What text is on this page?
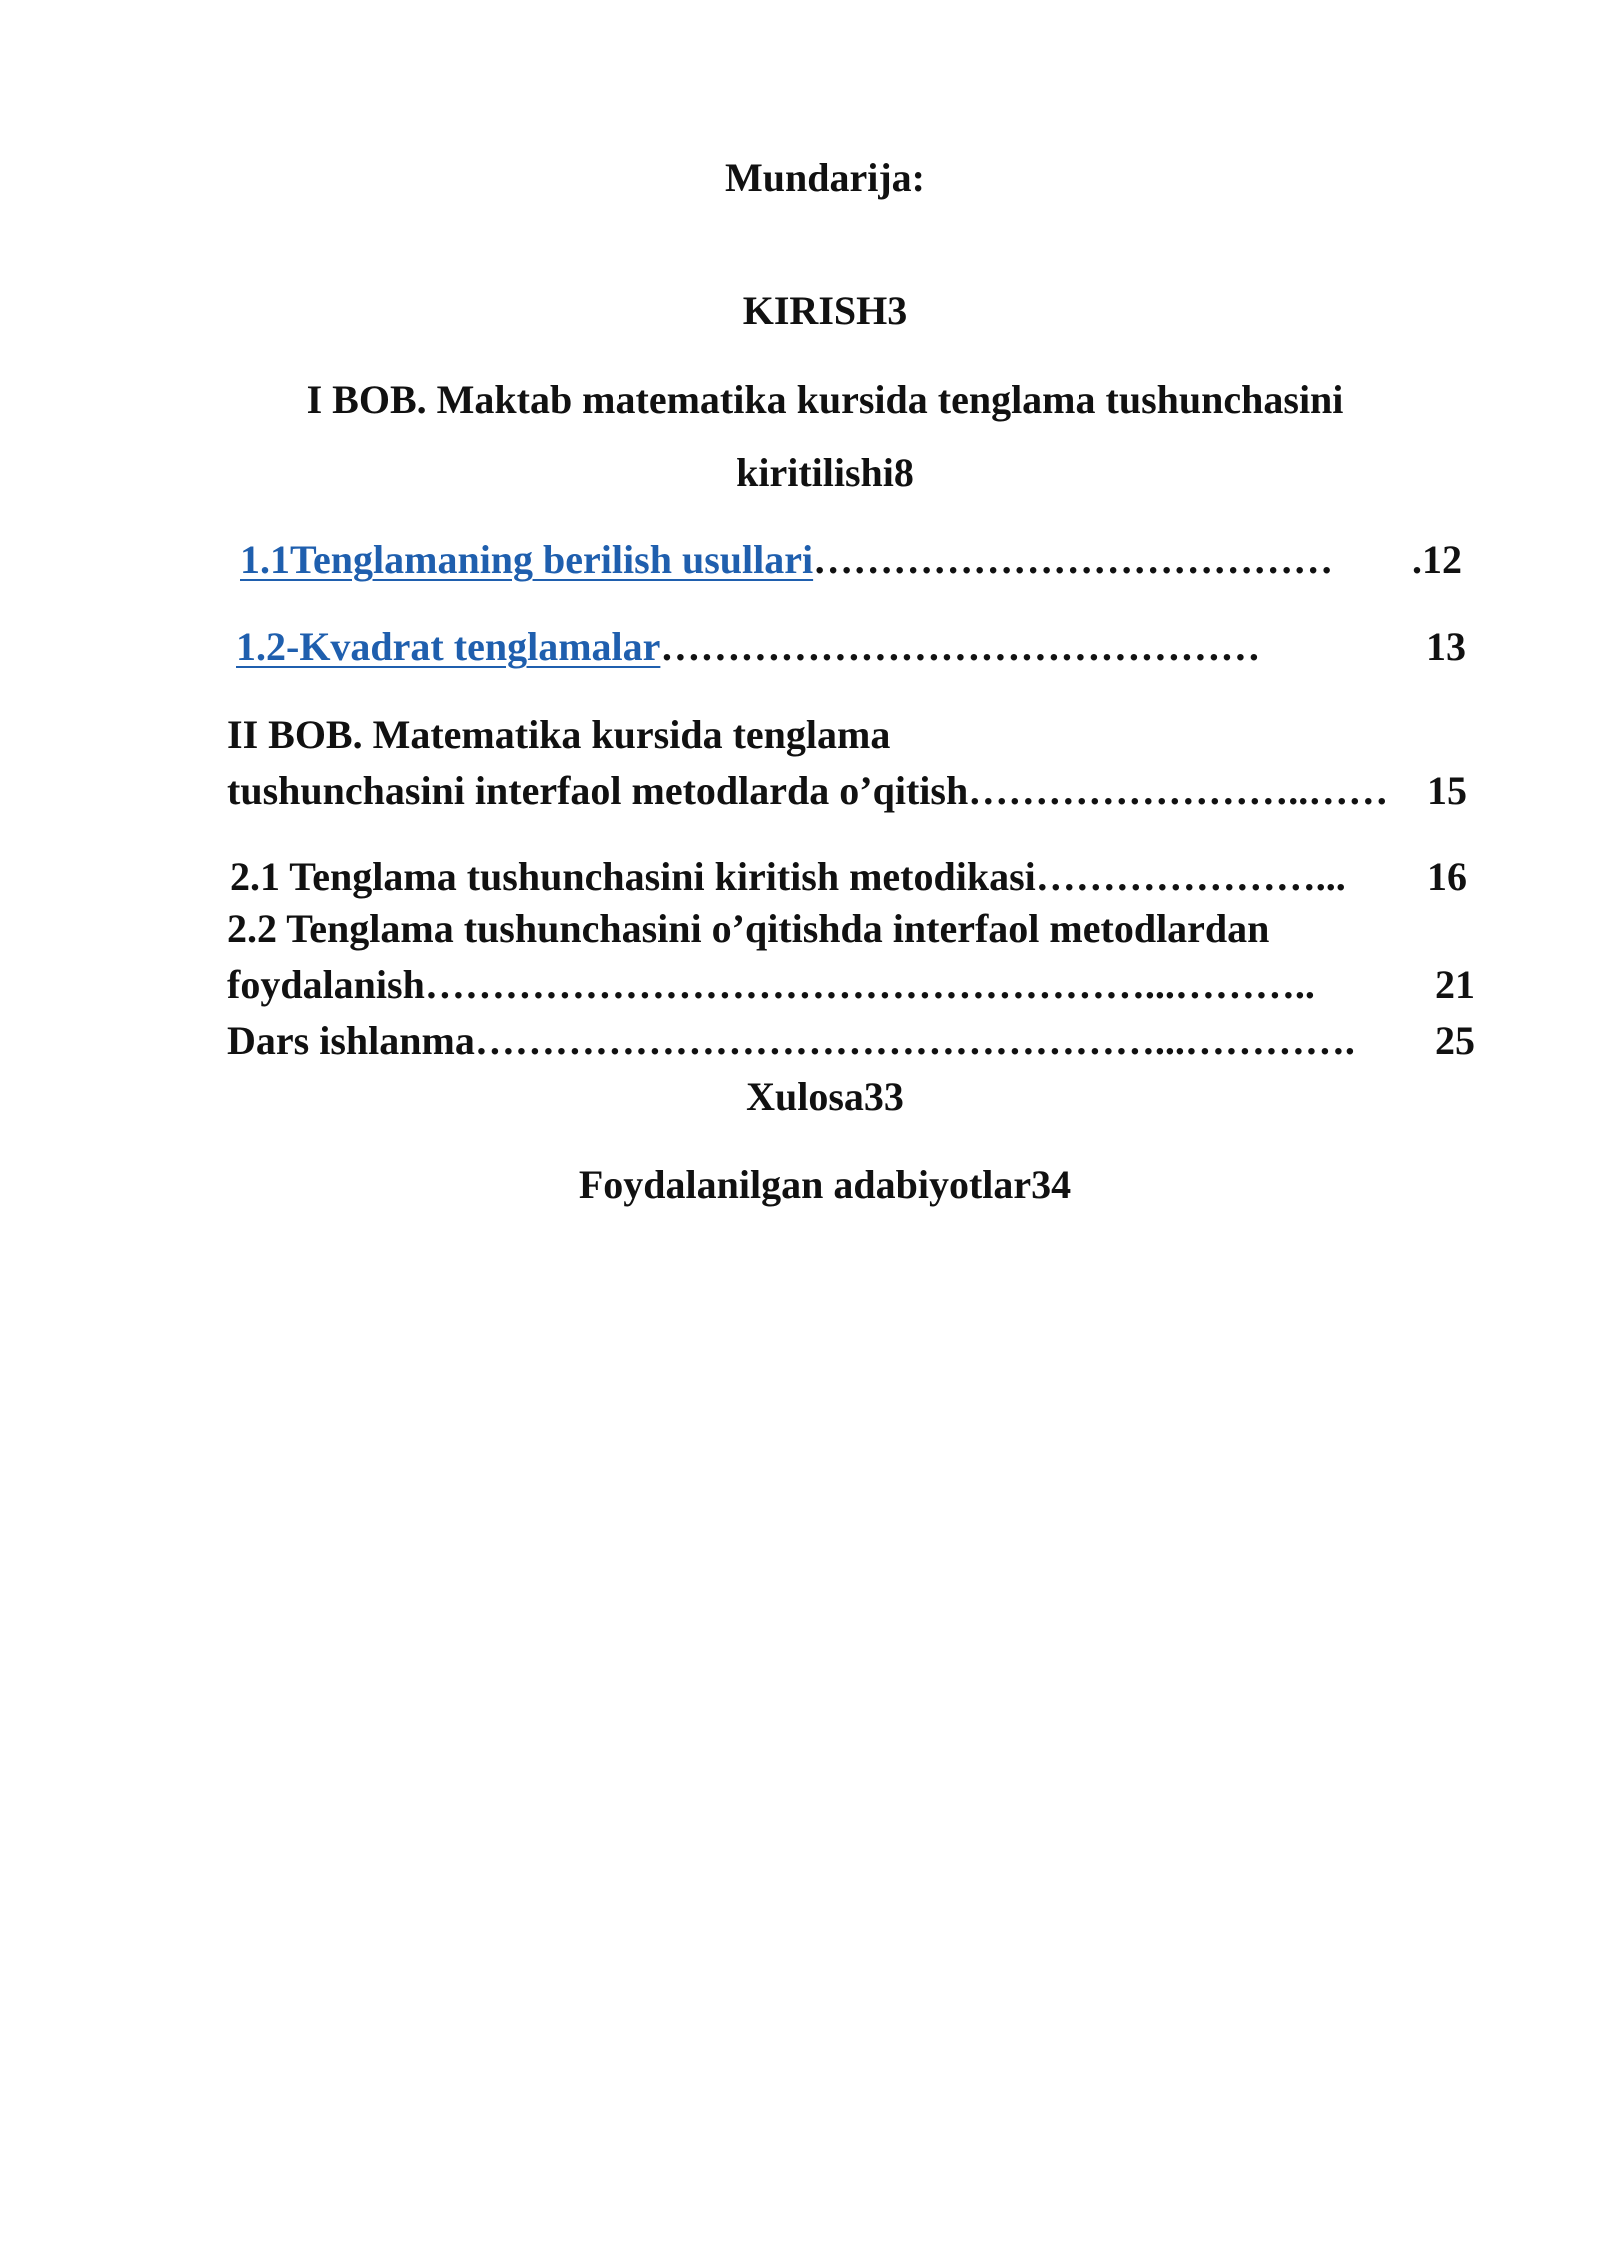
Mundarija:
KIRISH3
I BOB. Maktab matematika kursida tenglama tushunchasini
kiritilishi8
1.1Tenglamaning berilish usullari …………………………………	.12
1.2-Kvadrat tenglamalar ………………………………………	13
II BOB. Matematika kursida tenglama
tushunchasini interfaol metodlarda o’qitish ……………………..…… 15
2.1 Tenglama tushunchasini kiritish metodikasi …………………...	16
2.2 Tenglama tushunchasini o’qitishda interfaol metodlardan
foydalanish ………………………………………………...………..	21
Dars ishlanma ……………………………………………...………….	25
Xulosa33
Foydalanilgan adabiyotlar34
